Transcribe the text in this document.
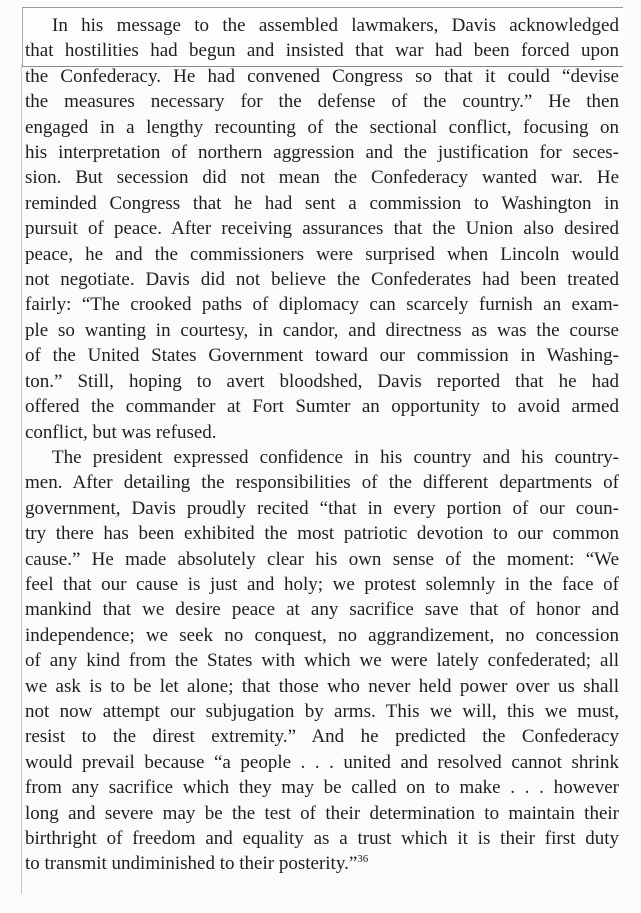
In his message to the assembled lawmakers, Davis acknowledged
that hostilities had begun and insisted that war had been forced upon
the Confederacy. He had convened Congress so that it could “devise
the measures necessary for the defense of the country.” He then
engaged in a lengthy recounting of the sectional conflict, focusing on
his interpretation of northern aggression and the justification for seces-
sion. But secession did not mean the Confederacy wanted war. He
reminded Congress that he had sent a commission to Washington in
pursuit of peace. After receiving assurances that the Union also desired
peace, he and the commissioners were surprised when Lincoln would
not negotiate. Davis did not believe the Confederates had been treated
fairly: “The crooked paths of diplomacy can scarcely furnish an exam-
ple so wanting in courtesy, in candor, and directness as was the course
of the United States Government toward our commission in Washing-
ton.” Still, hoping to avert bloodshed, Davis reported that he had
offered the commander at Fort Sumter an opportunity to avoid armed
conflict, but was refused.
The president expressed confidence in his country and his country-
men. After detailing the responsibilities of the different departments of
government, Davis proudly recited “that in every portion of our coun-
try there has been exhibited the most patriotic devotion to our common
cause.” He made absolutely clear his own sense of the moment: “We
feel that our cause is just and holy; we protest solemnly in the face of
mankind that we desire peace at any sacrifice save that of honor and
independence; we seek no conquest, no aggrandizement, no concession
of any kind from the States with which we were lately confederated; all
we ask is to be let alone; that those who never held power over us shall
not now attempt our subjugation by arms. This we will, this we must,
resist to the direst extremity.” And he predicted the Confederacy
would prevail because “a people . . . united and resolved cannot shrink
from any sacrifice which they may be called on to make . . . however
long and severe may be the test of their determination to maintain their
birthright of freedom and equality as a trust which it is their first duty
to transmit undiminished to their posterity.”$^{36}$
